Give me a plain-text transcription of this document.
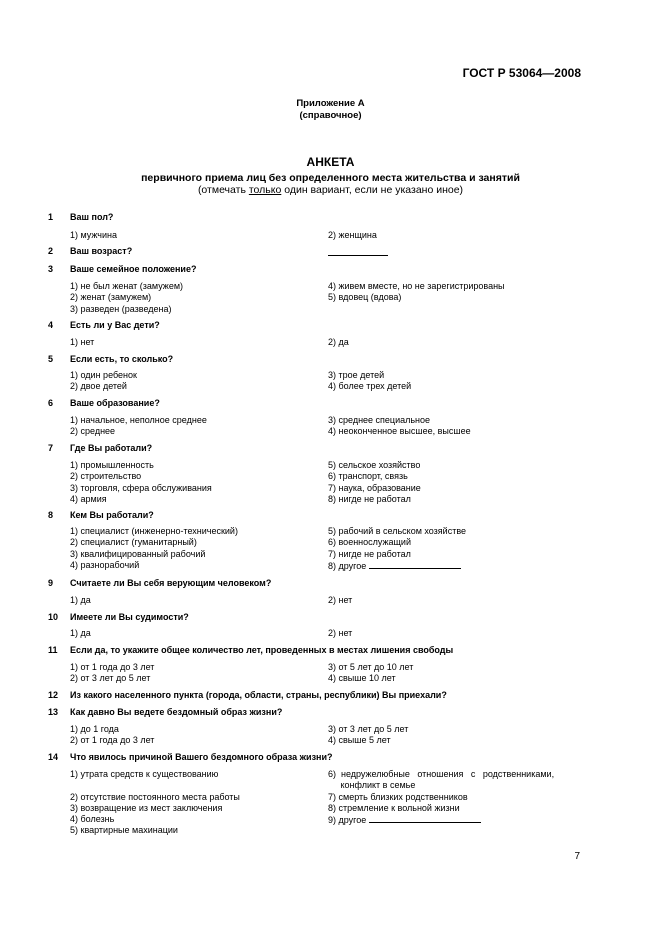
ГОСТ Р 53064—2008
Приложение А
(справочное)
АНКЕТА
первичного приема лиц без определенного места жительства и занятий
(отмечать только один вариант, если не указано иное)
1 Ваш пол?
1) мужчина	2) женщина
2 Ваш возраст?
3 Ваше семейное положение?
1) не был женат (замужем)
2) женат (замужем)
3) разведен (разведена)
4) живем вместе, но не зарегистрированы
5) вдовец (вдова)
4 Есть ли у Вас дети?
1) нет	2) да
5 Если есть, то сколько?
1) один ребенок
2) двое детей
3) трое детей
4) более трех детей
6 Ваше образование?
1) начальное, неполное среднее
2) среднее
3) среднее специальное
4) неоконченное высшее, высшее
7 Где Вы работали?
1) промышленность
2) строительство
3) торговля, сфера обслуживания
4) армия
5) сельское хозяйство
6) транспорт, связь
7) наука, образование
8) нигде не работал
8 Кем Вы работали?
1) специалист (инженерно-технический)
2) специалист (гуманитарный)
3) квалифицированный рабочий
4) разнорабочий
5) рабочий в сельском хозяйстве
6) военнослужащий
7) нигде не работал
8) другое
9 Считаете ли Вы себя верующим человеком?
1) да	2) нет
10 Имеете ли Вы судимости?
1) да	2) нет
11 Если да, то укажите общее количество лет, проведенных в местах лишения свободы
1) от 1 года до 3 лет
2) от 3 лет до 5 лет
3) от 5 лет до 10 лет
4) свыше 10 лет
12 Из какого населенного пункта (города, области, страны, республики) Вы приехали?
13 Как давно Вы ведете бездомный образ жизни?
1) до 1 года
2) от 1 года до 3 лет
3) от 3 лет до 5 лет
4) свыше 5 лет
14 Что явилось причиной Вашего бездомного образа жизни?
1) утрата средств к существованию
2) отсутствие постоянного места работы
3) возвращение из мест заключения
4) болезнь
5) квартирные махинации
6)  недружелюбные   отношения   с   родственниками,
конфликт в семье
7) смерть близких родственников
8) стремление к вольной жизни
9) другое
7
